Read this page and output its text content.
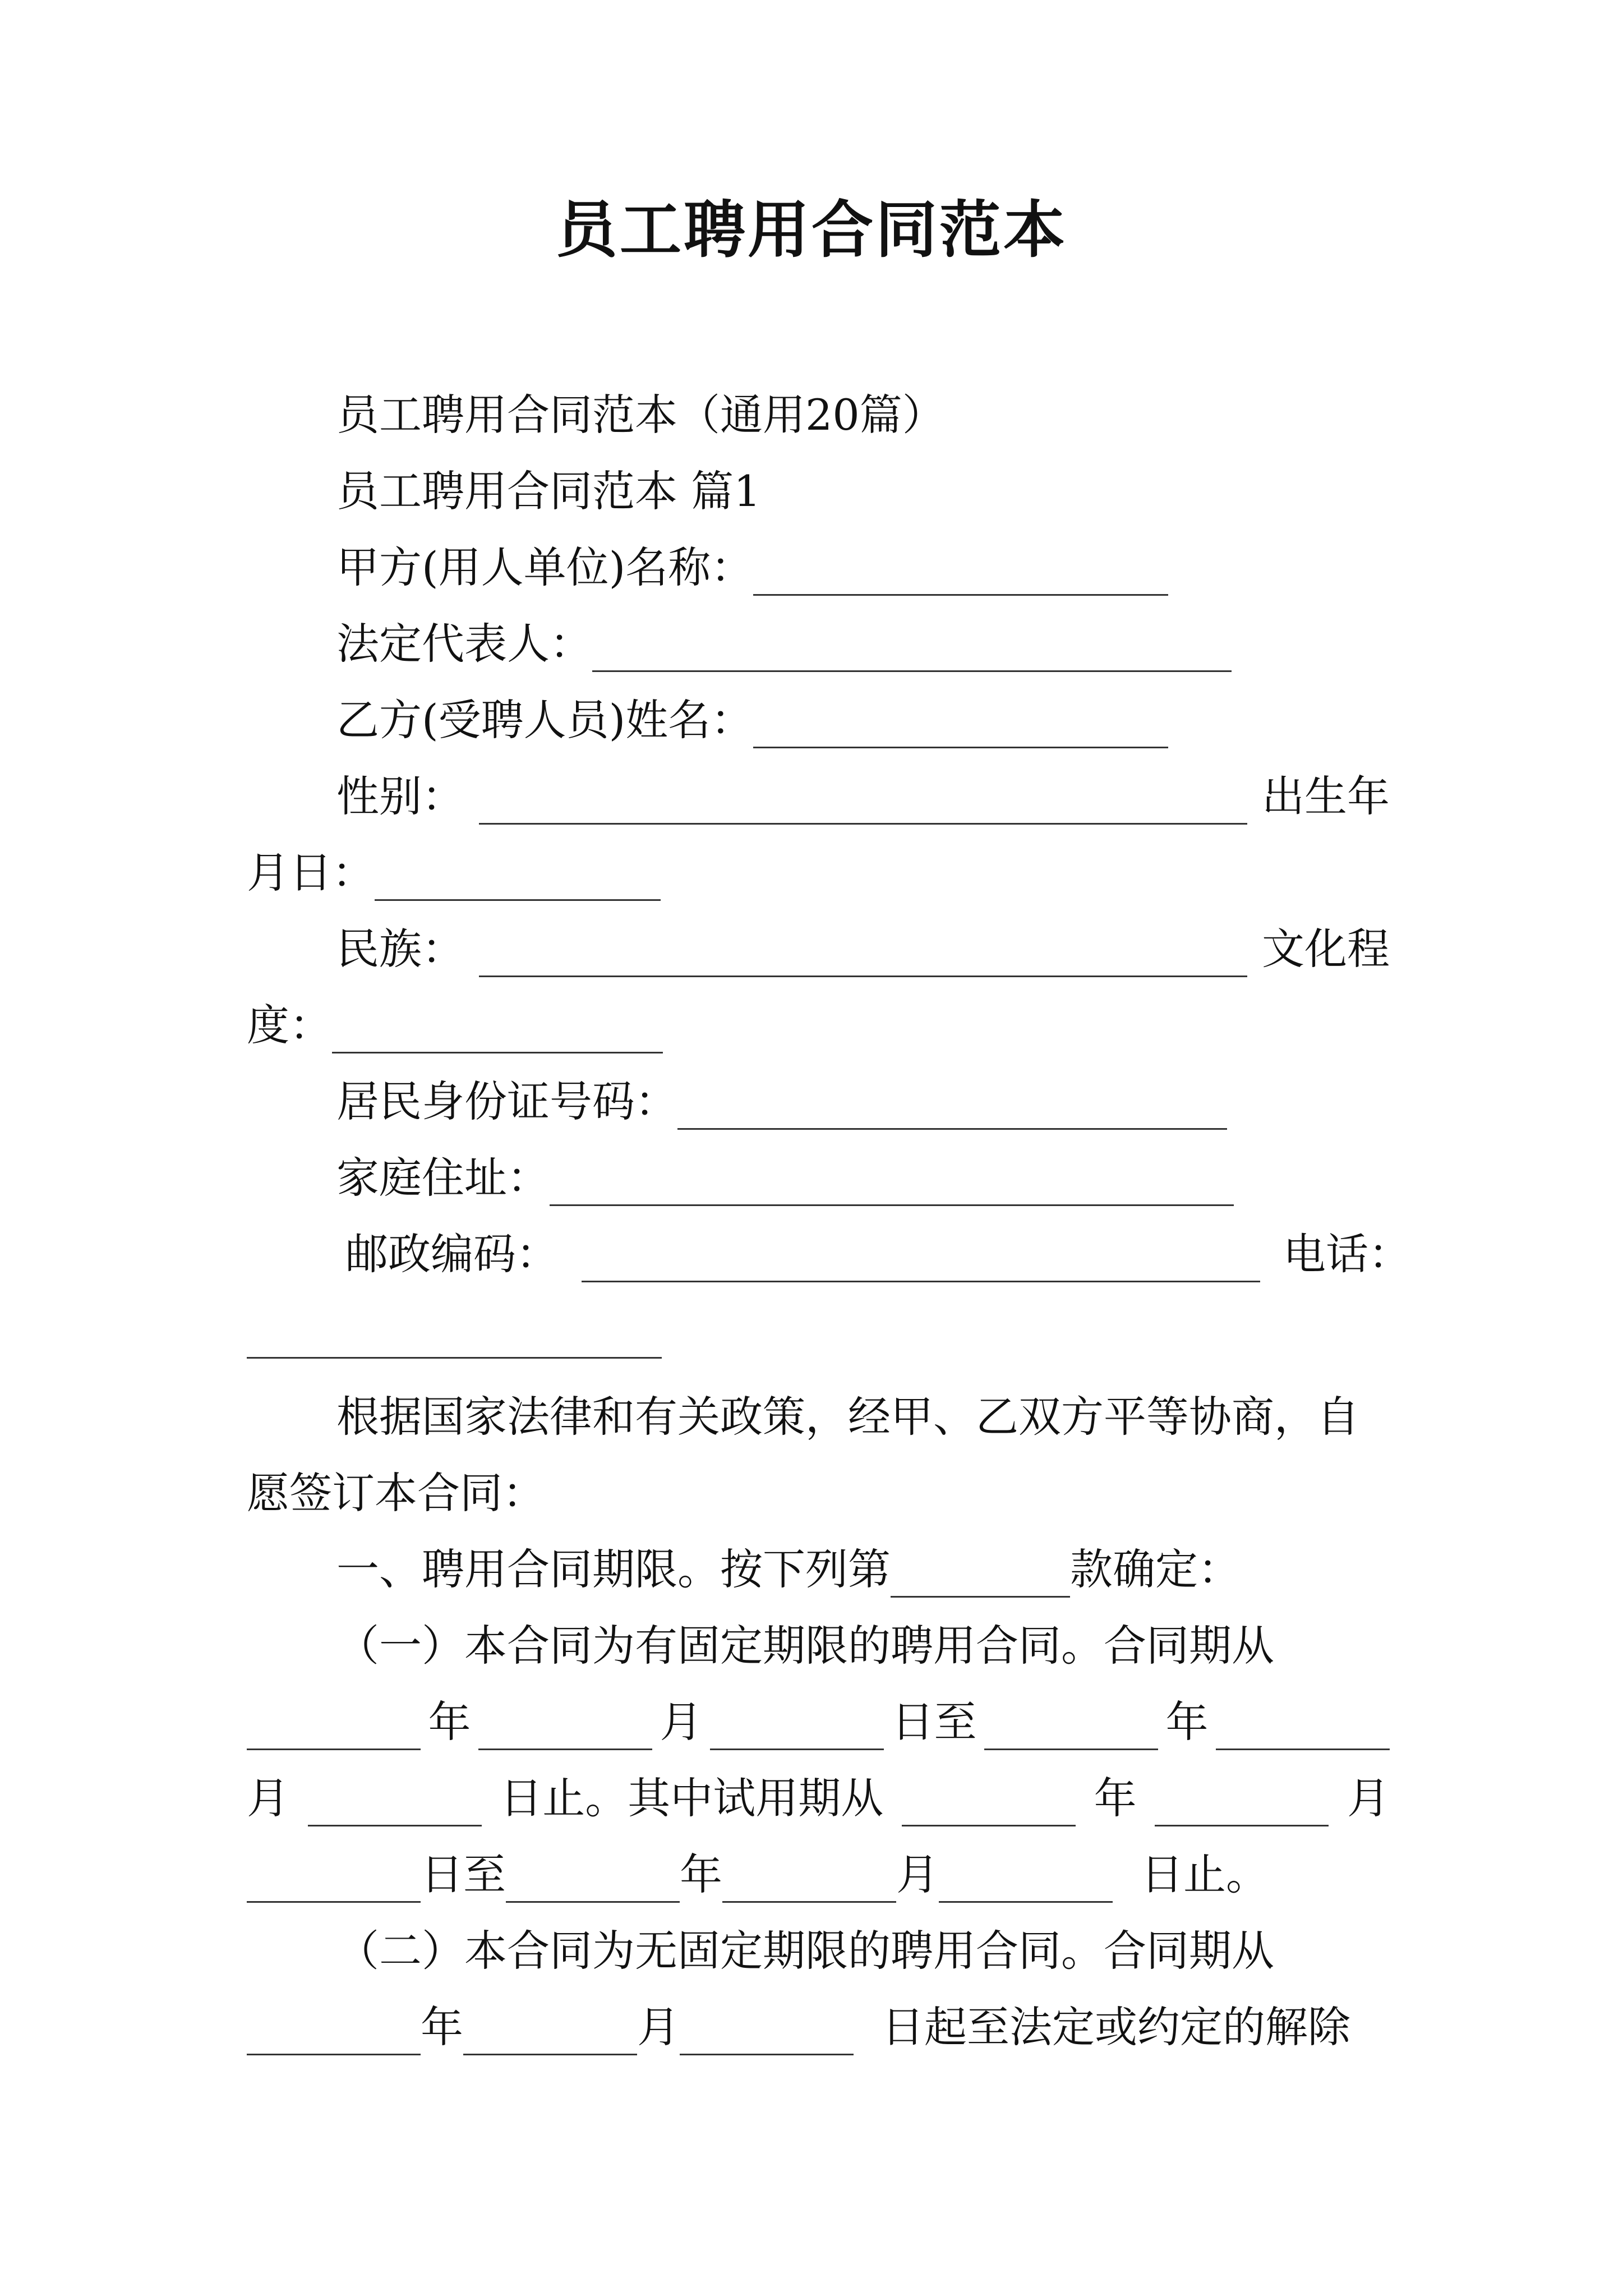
员工聘用合同范本
员工聘用合同范本（通用20篇）
员工聘用合同范本 篇1
甲方(用人单位)名称：
法定代表人：
乙方(受聘人员)姓名：
性别：	出生年
月日：
民族：	文化程
度：
居民身份证号码：
家庭住址：
邮政编码：	电话：
根据国家法律和有关政策，经甲、乙双方平等协商，自
愿签订本合同：
一、聘用合同期限。按下列第	款确定：
（一）本合同为有固定期限的聘用合同。合同期从
年	月	日至	年
月	日止。其中试用期从	年	月
日至	年	月	日止。
（二）本合同为无固定期限的聘用合同。合同期从
年	月	日起至法定或约定的解除
